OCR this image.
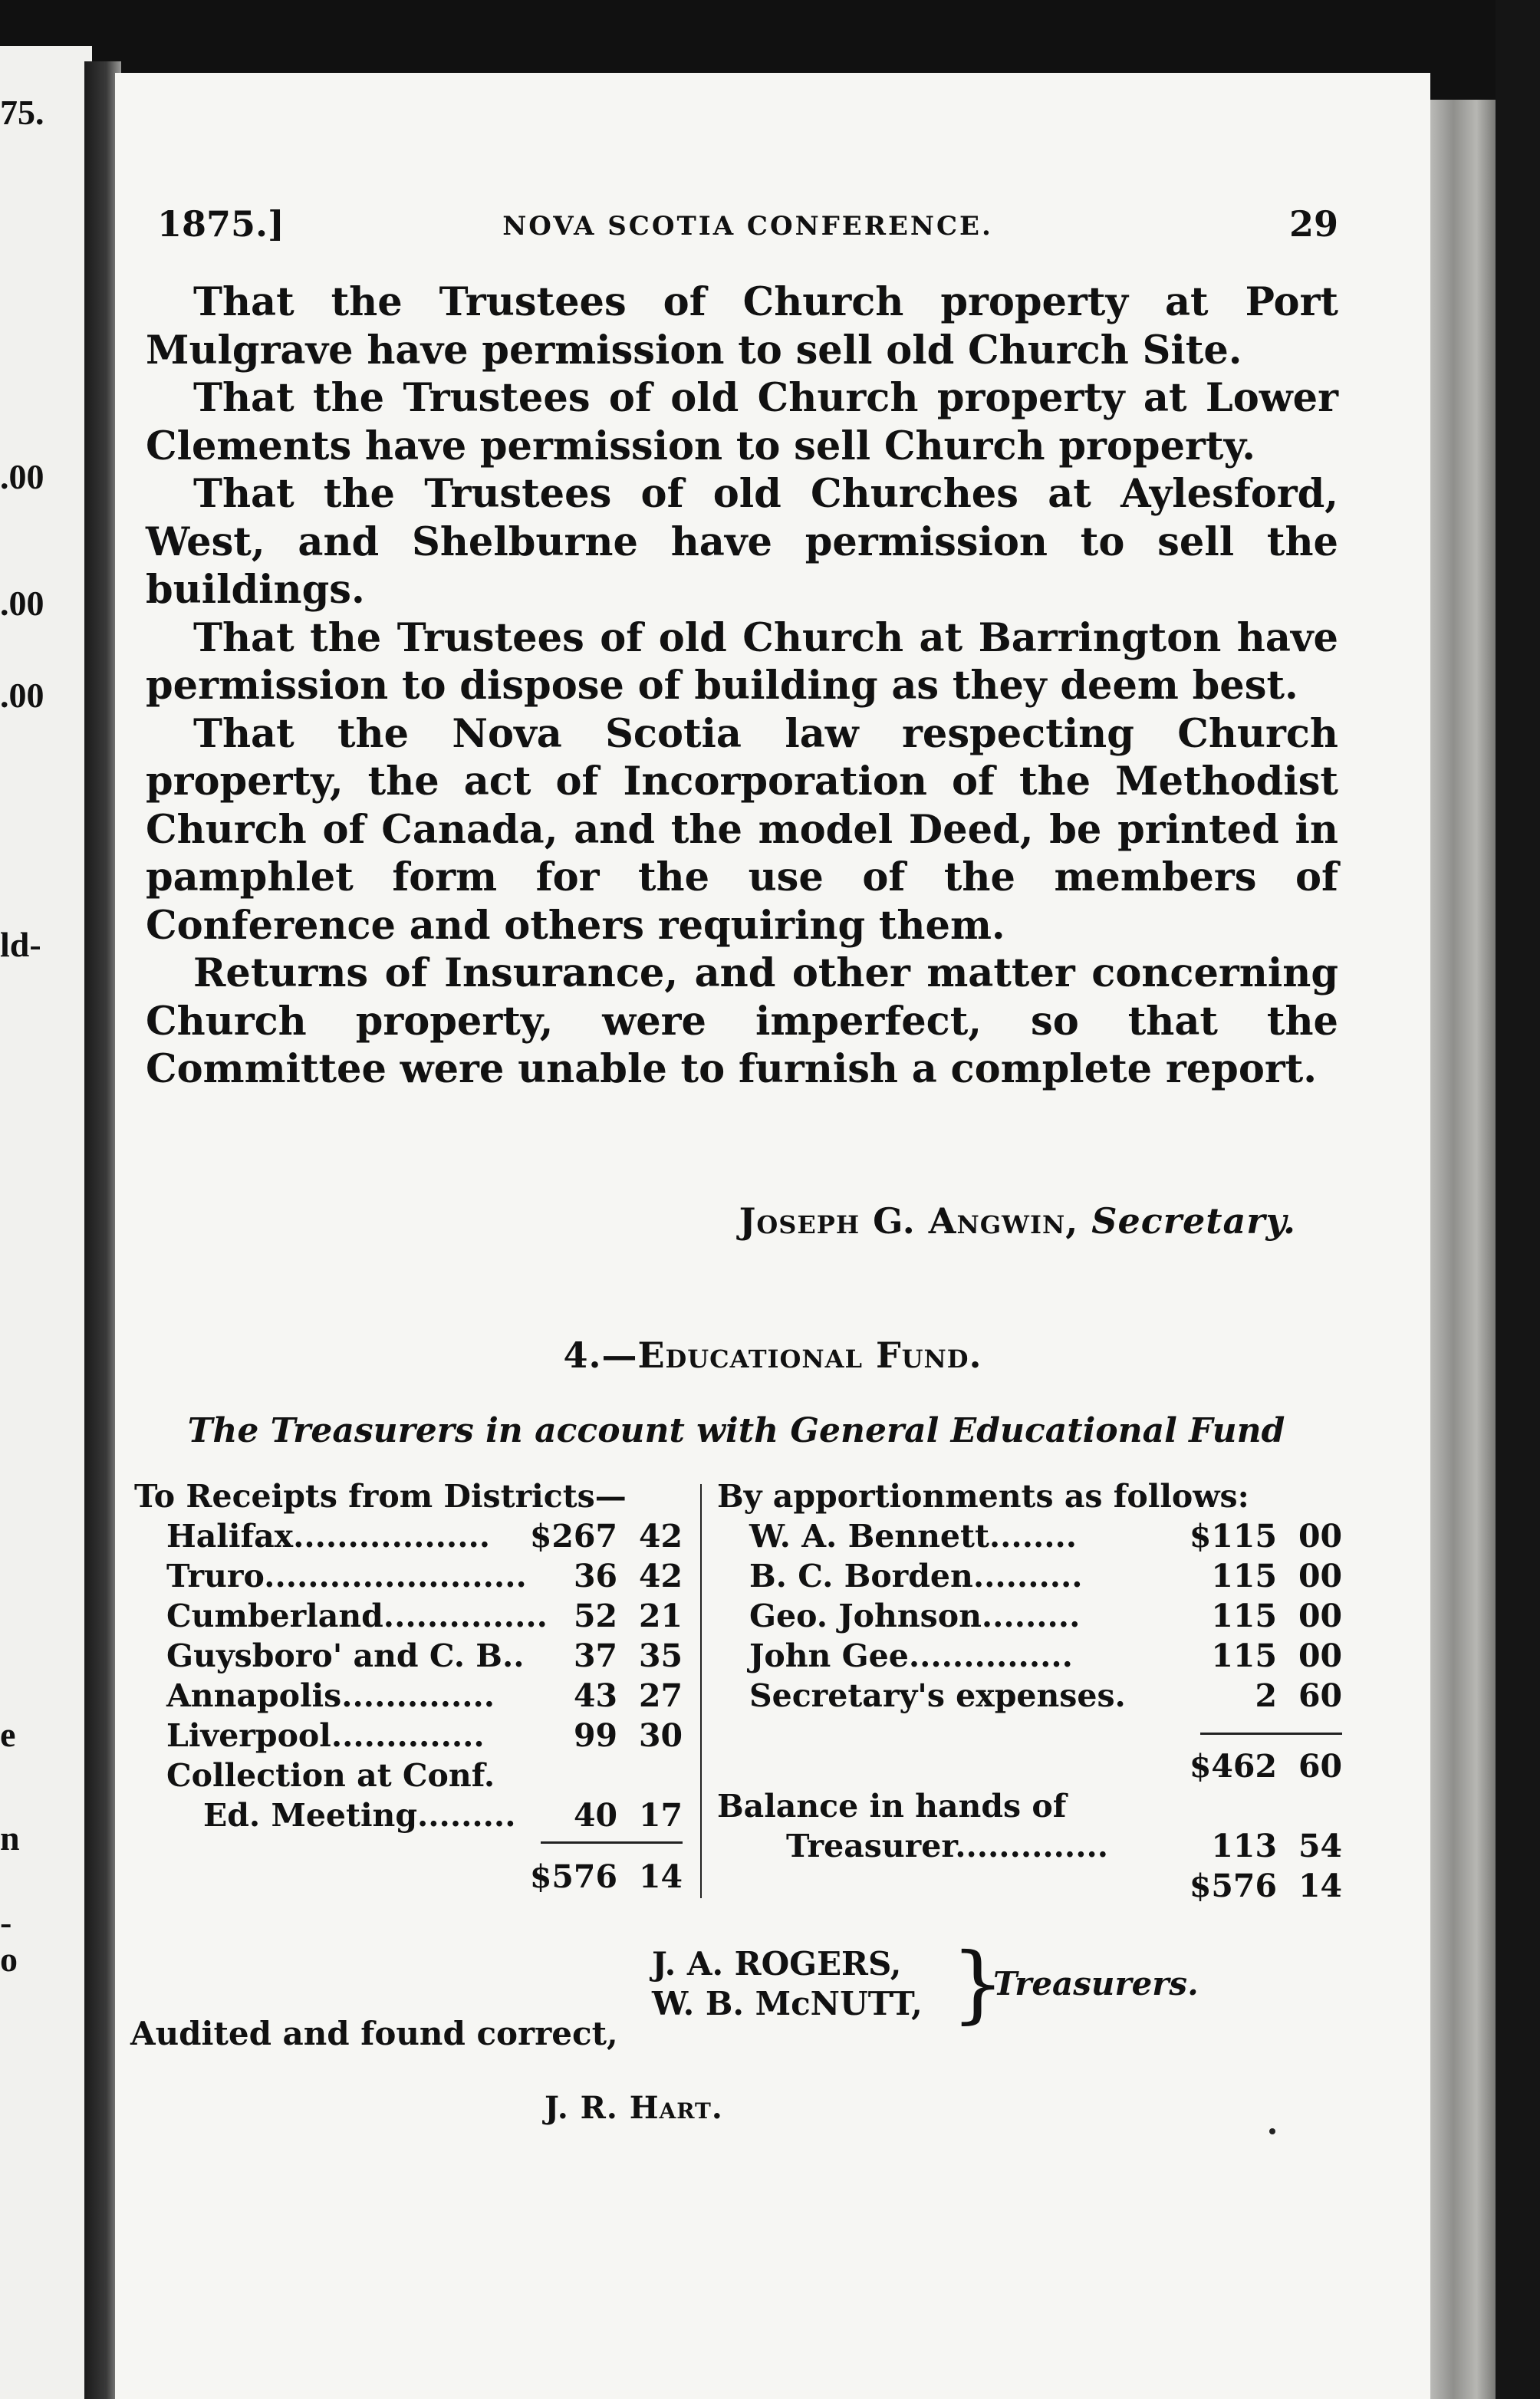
75.
.00
.00
.00
ld-
e
n
-
o
1875.]	NOVA SCOTIA CONFERENCE.	29

That the Trustees of Church property at Port Mulgrave have permission to sell old Church Site.

That the Trustees of old Church property at Lower Clements have permission to sell Church property.

That the Trustees of old Churches at Aylesford, West, and Shelburne have permission to sell the buildings.

That the Trustees of old Church at Barrington have permission to dispose of building as they deem best.

That the Nova Scotia law respecting Church property, the act of Incorporation of the Methodist Church of Canada, and the model Deed, be printed in pamphlet form for the use of the members of Conference and others requiring them.

Returns of Insurance, and other matter concerning Church property, were imperfect, so that the Committee were unable to furnish a complete report.

Joseph G. Angwin, Secretary.
4.—Educational Fund.
The Treasurers in account with General Educational Fund
To Receipts from Districts—
Halifax.................. $267 42
Truro........................ 36 42
Cumberland............... 52 21
Guysboro' and C. B.. 37 35
Annapolis..............	43 27
Liverpool..............	99 30
Collection at Conf.
Ed. Meeting......... 40 17
$576 14
By apportionments as follows:
W. A. Bennett........	$115 00
B. C. Borden..........	115 00
Geo. Johnson.........	115 00
John Gee...............	115 00
Secretary's expenses.	2 60
$462 60
Balance in hands of
Treasurer..............	113 54
$576 14
J. A. ROGERS,
W. B. McNUTT, }
Treasurers.
Audited and found correct,
J. R. Hart.
